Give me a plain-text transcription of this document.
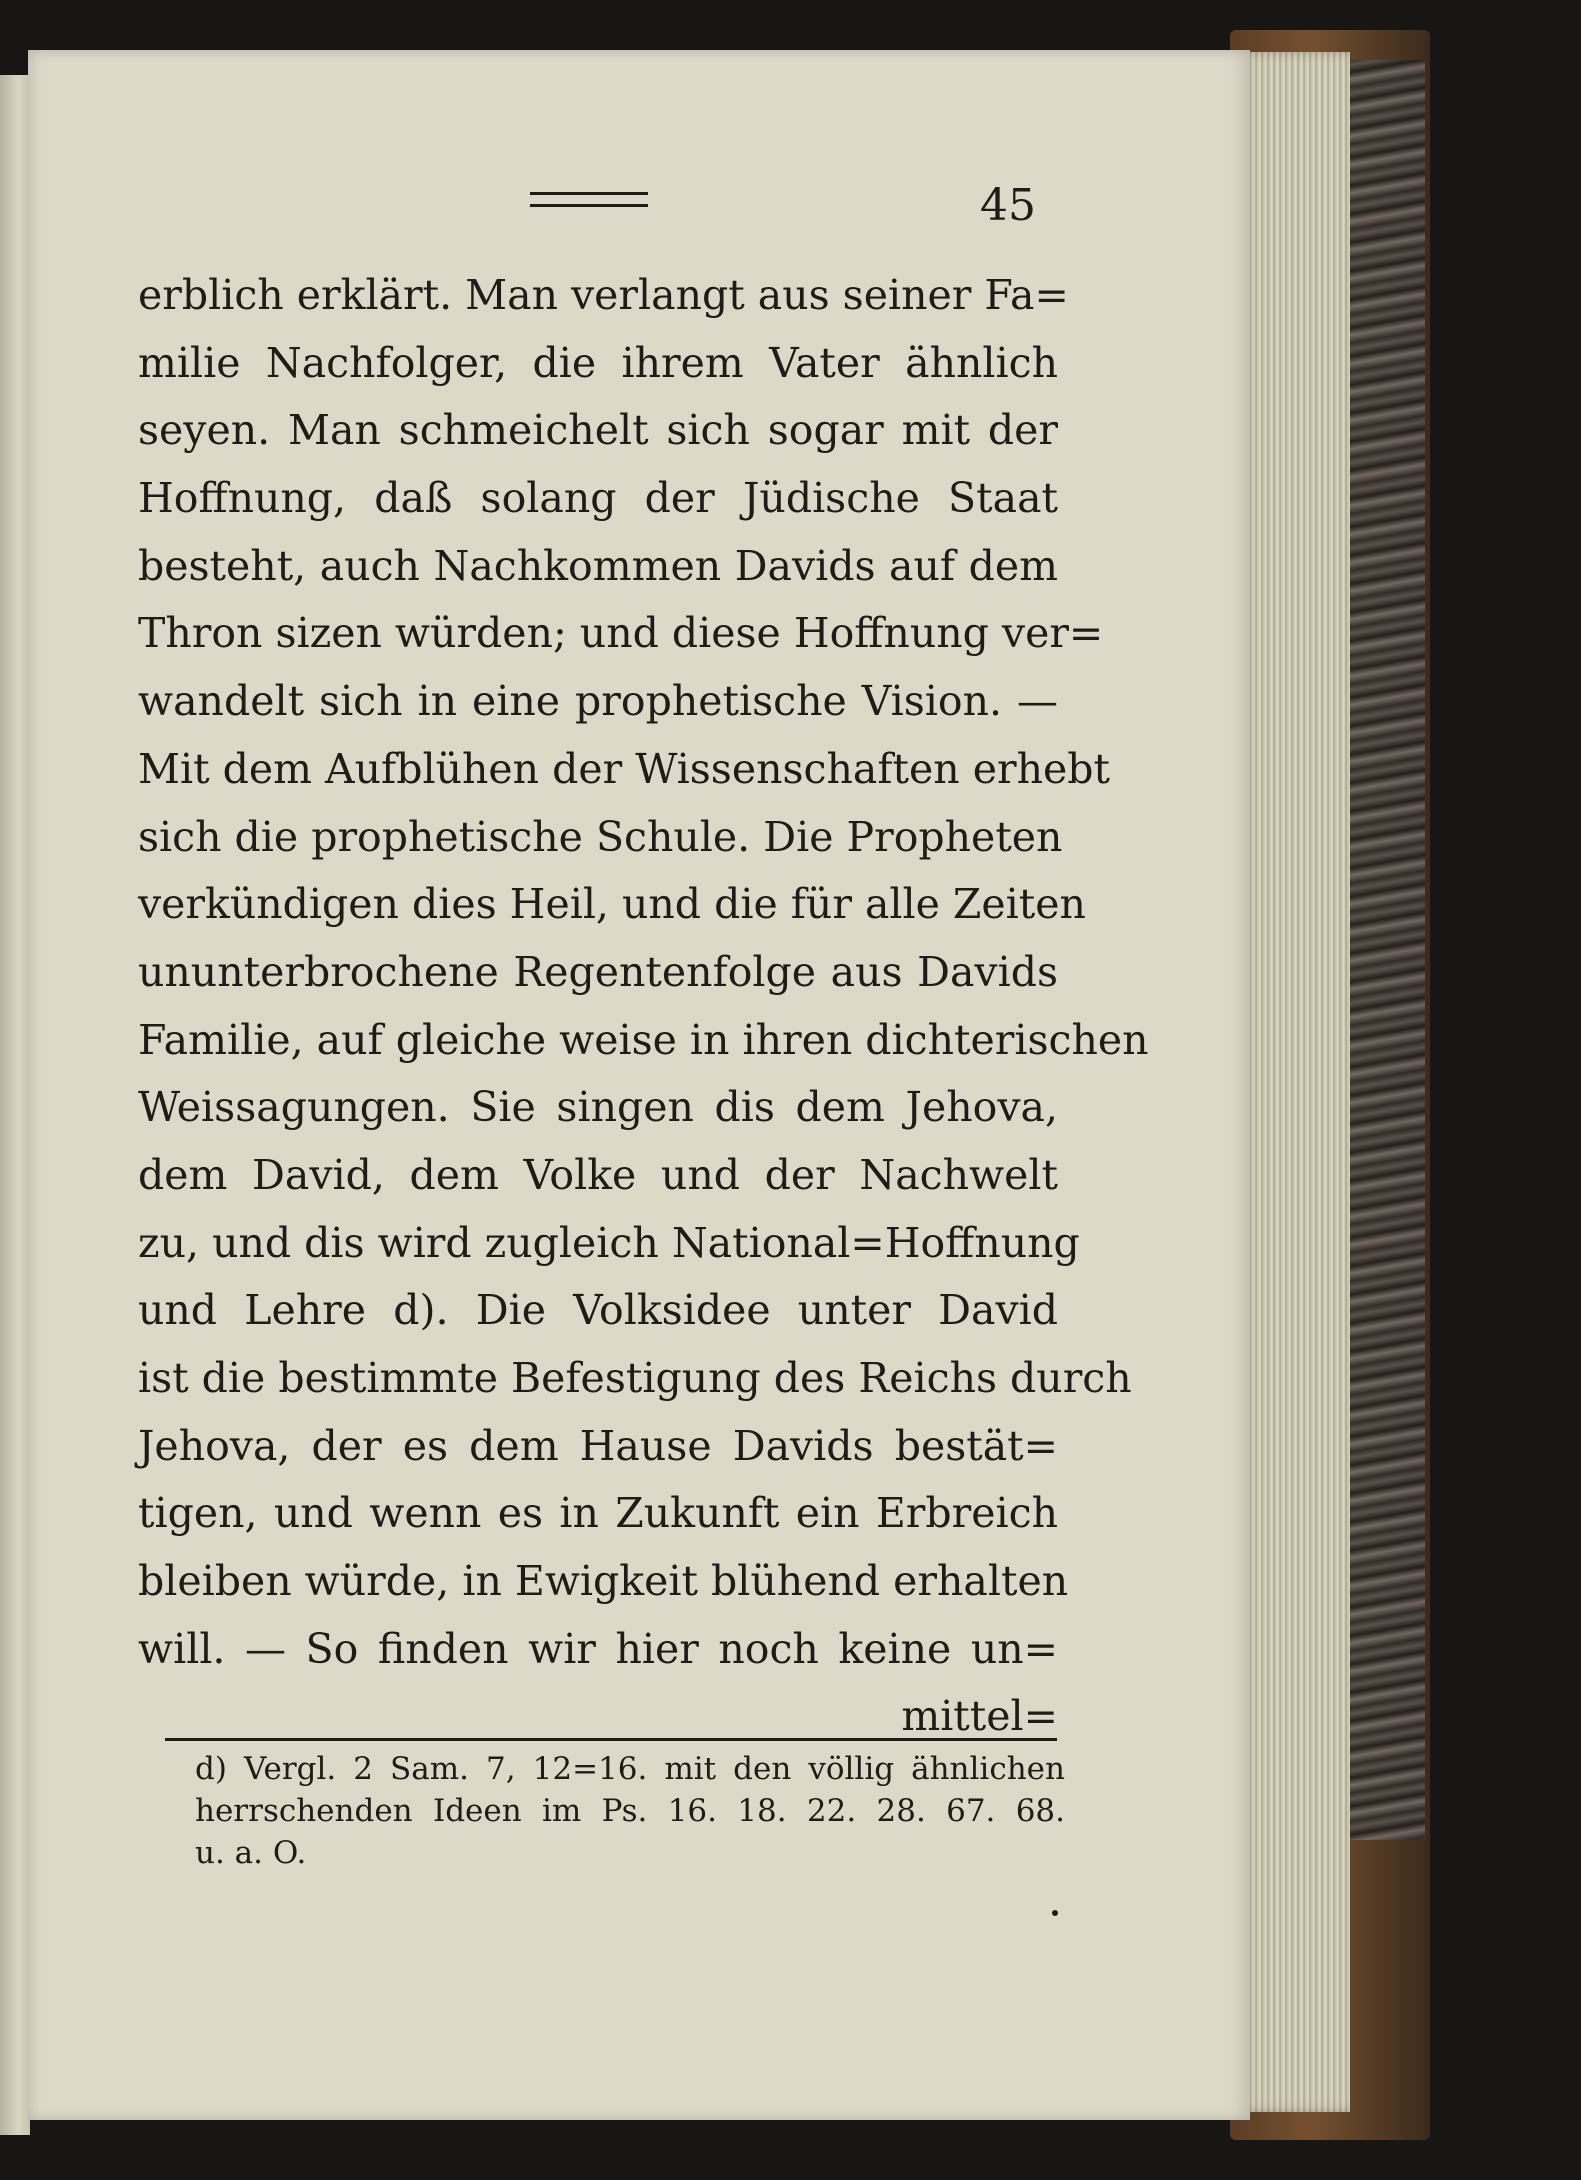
45
erblich erklärt. Man verlangt aus seiner Fa=
milie Nachfolger, die ihrem Vater ähnlich
seyen. Man schmeichelt sich sogar mit der
Hoffnung, daß solang der Jüdische Staat
besteht, auch Nachkommen Davids auf dem
Thron sizen würden; und diese Hoffnung ver=
wandelt sich in eine prophetische Vision. —
Mit dem Aufblühen der Wissenschaften erhebt
sich die prophetische Schule. Die Propheten
verkündigen dies Heil, und die für alle Zeiten
ununterbrochene Regentenfolge aus Davids
Familie, auf gleiche weise in ihren dichterischen
Weissagungen. Sie singen dis dem Jehova,
dem David, dem Volke und der Nachwelt
zu, und dis wird zugleich National=Hoffnung
und Lehre d). Die Volksidee unter David
ist die bestimmte Befestigung des Reichs durch
Jehova, der es dem Hause Davids bestät=
tigen, und wenn es in Zukunft ein Erbreich
bleiben würde, in Ewigkeit blühend erhalten
will. — So finden wir hier noch keine un=
mittel=
d) Vergl. 2 Sam. 7, 12=16. mit den völlig ähnlichen
herrschenden Ideen im Ps. 16. 18. 22. 28. 67. 68.
u. a. O.
